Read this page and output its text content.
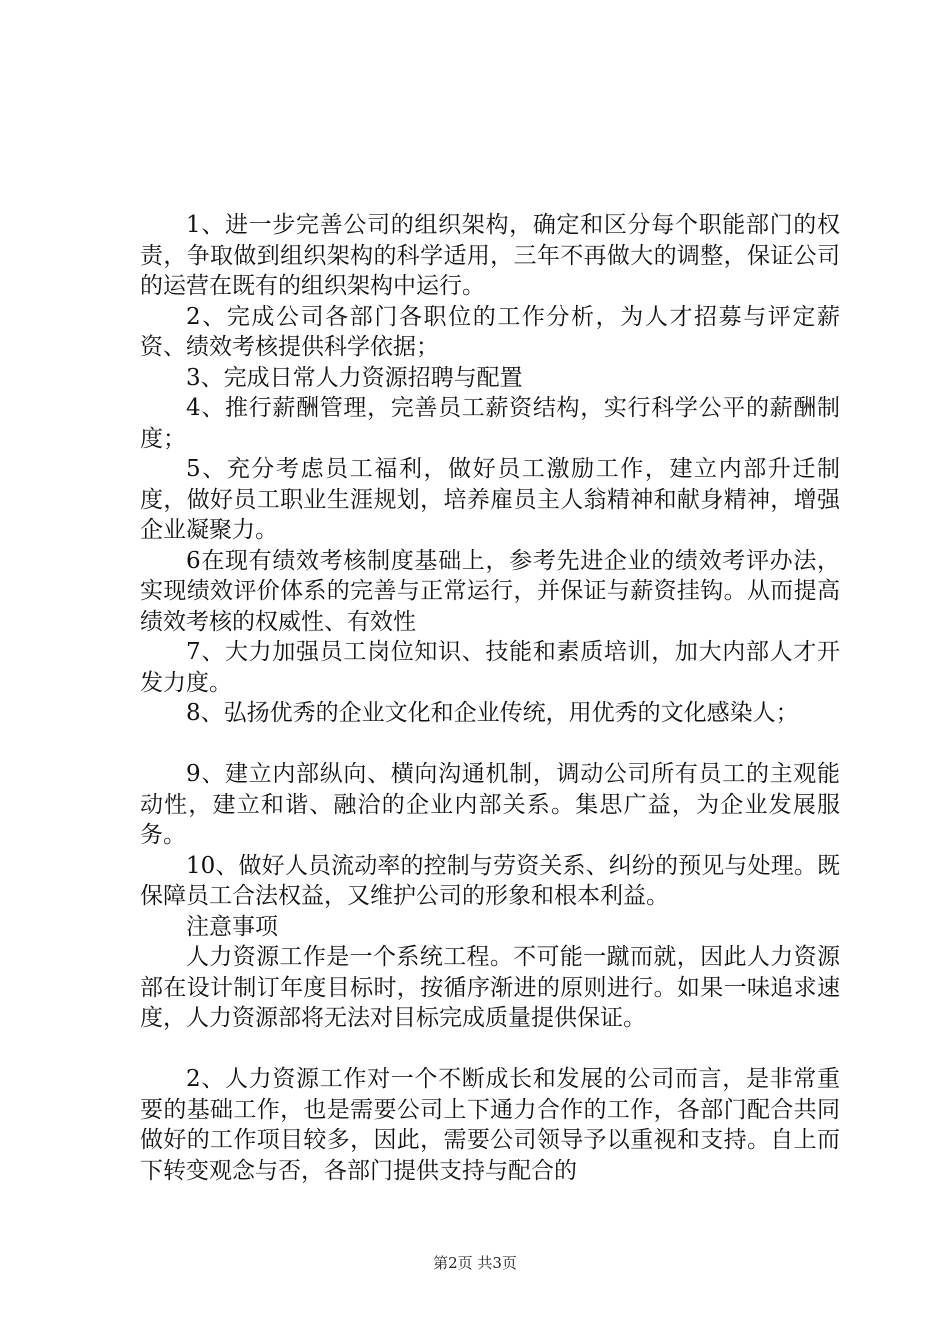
1、进一步完善公司的组织架构，确定和区分每个职能部门的权责，争取做到组织架构的科学适用，三年不再做大的调整，保证公司的运营在既有的组织架构中运行。

2、完成公司各部门各职位的工作分析，为人才招募与评定薪资、绩效考核提供科学依据；

3、完成日常人力资源招聘与配置

4、推行薪酬管理，完善员工薪资结构，实行科学公平的薪酬制度；

5、充分考虑员工福利，做好员工激励工作，建立内部升迁制度，做好员工职业生涯规划，培养雇员主人翁精神和献身精神，增强企业凝聚力。

6在现有绩效考核制度基础上，参考先进企业的绩效考评办法，实现绩效评价体系的完善与正常运行，并保证与薪资挂钩。从而提高绩效考核的权威性、有效性

7、大力加强员工岗位知识、技能和素质培训，加大内部人才开发力度。

8、弘扬优秀的企业文化和企业传统，用优秀的文化感染人；

9、建立内部纵向、横向沟通机制，调动公司所有员工的主观能动性，建立和谐、融洽的企业内部关系。集思广益，为企业发展服务。

10、做好人员流动率的控制与劳资关系、纠纷的预见与处理。既保障员工合法权益，又维护公司的形象和根本利益。

注意事项

人力资源工作是一个系统工程。不可能一蹴而就，因此人力资源部在设计制订年度目标时，按循序渐进的原则进行。如果一味追求速度，人力资源部将无法对目标完成质量提供保证。

2、人力资源工作对一个不断成长和发展的公司而言，是非常重要的基础工作，也是需要公司上下通力合作的工作，各部门配合共同做好的工作项目较多，因此，需要公司领导予以重视和支持。自上而下转变观念与否，各部门提供支持与配合的

第2页 共3页
